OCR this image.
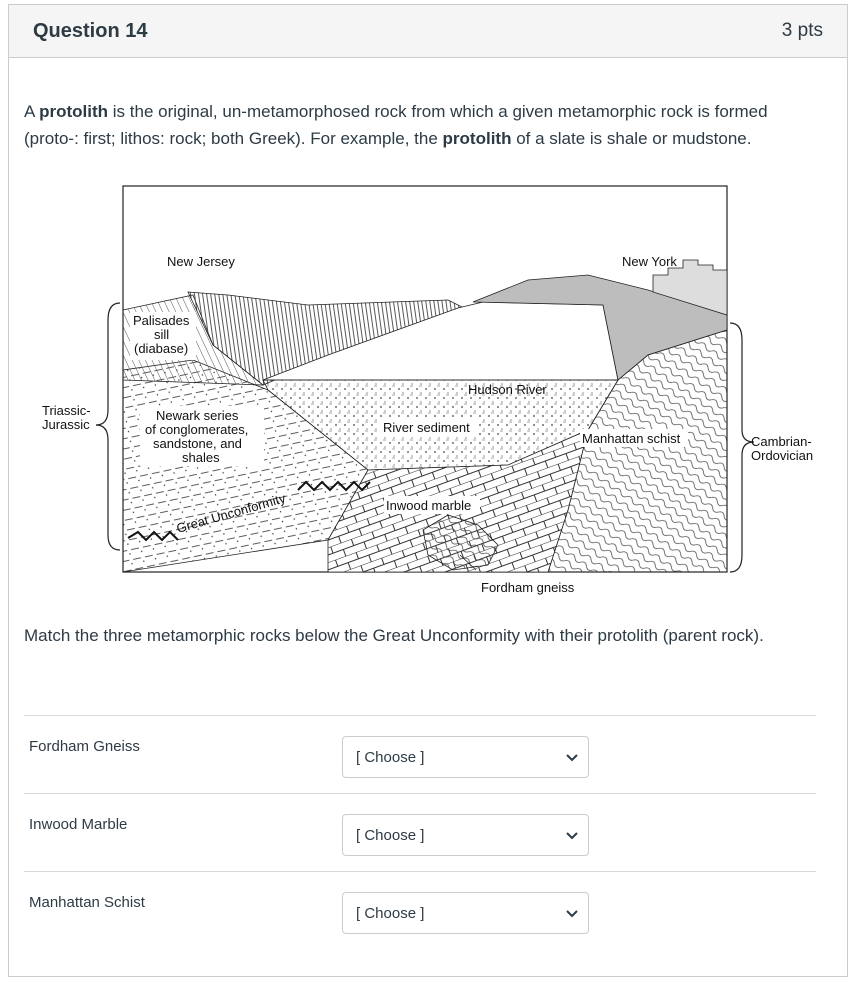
Question 14	3 pts
A protolith is the original, un-metamorphosed rock from which a given metamorphic rock is formed (proto-: first; lithos: rock; both Greek). For example, the protolith of a slate is shale or mudstone.
New Jersey	New York
Palisades
sill
(diabase)
Triassic-
Jurassic
Newark series
of conglomerates,
sandstone, and
shales
Hudson River
River sediment
Manhattan schist	Cambrian-
Ordovician
Great Unconformity	Inwood marble
Fordham gneiss
Match the three metamorphic rocks below the Great Unconformity with their protolith (parent rock).
Fordham Gneiss
[ Choose ]
Inwood Marble
[ Choose ]
Manhattan Schist
[ Choose ]
